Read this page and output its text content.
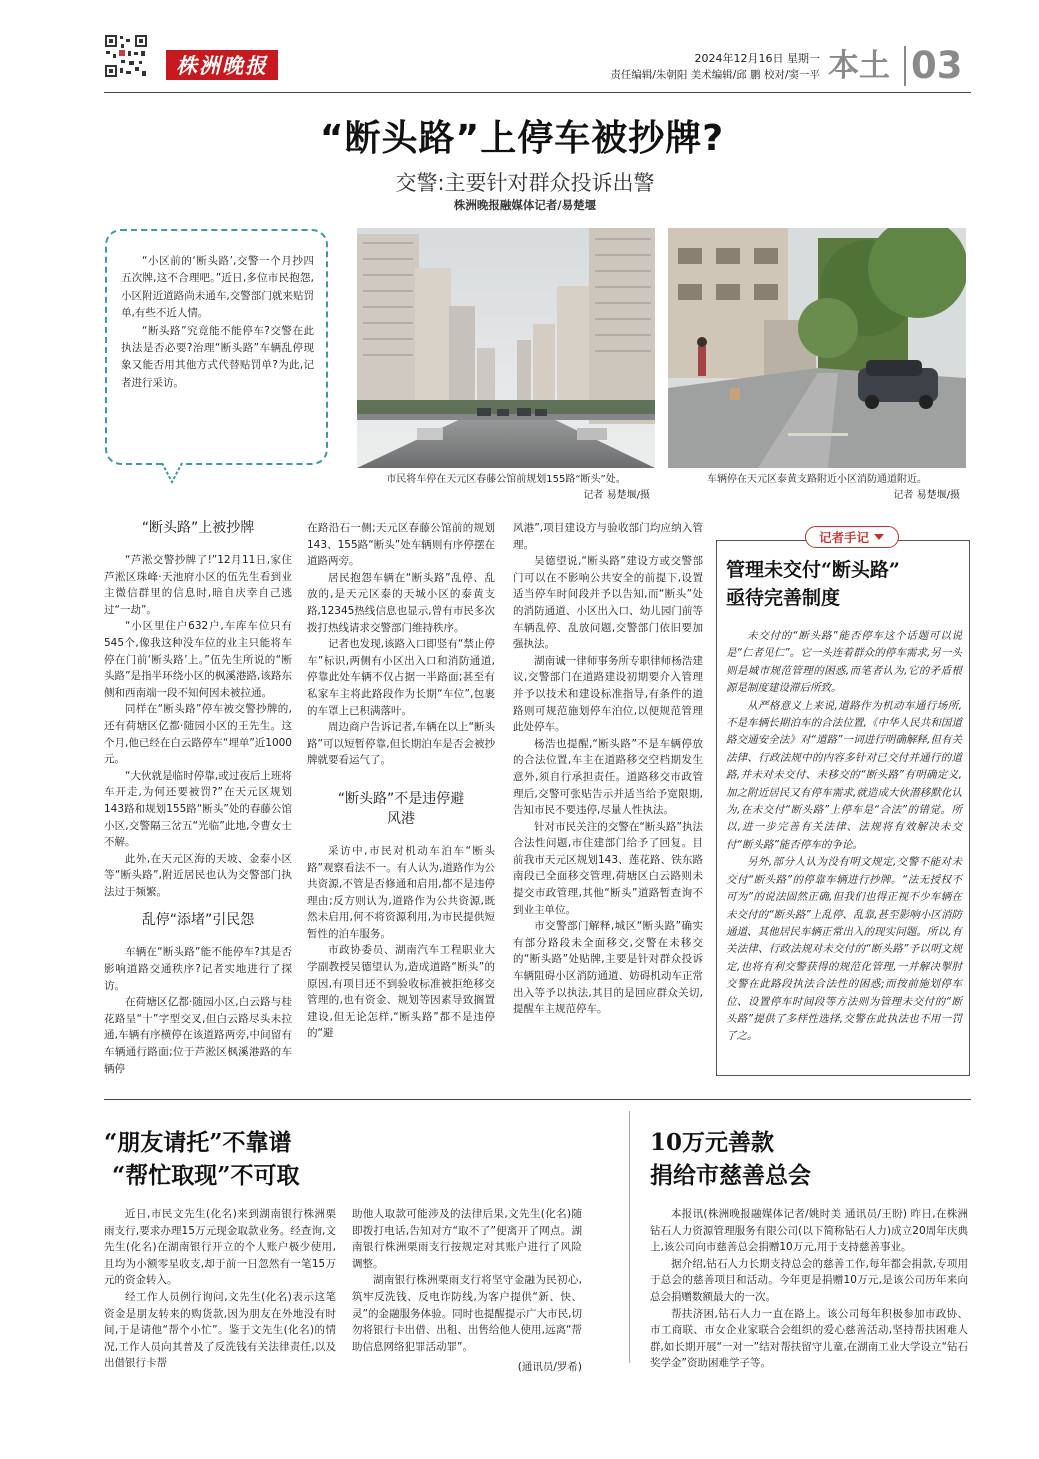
株洲晚报	2024年12月16日 星期一
责任编辑/朱朝阳 美术编辑/邱 鹏 校对/窦一平 本土 03
“断头路”上停车被抄牌?
交警:主要针对群众投诉出警
株洲晚报融媒体记者/易楚堰

“小区前的‘断头路’,交警一个月抄四五次牌,这不合理吧。”近日,多位市民抱怨,小区附近道路尚未通车,交警部门就来贴罚单,有些不近人情。

“断头路”究竟能不能停车?交警在此执法是否必要?治理“断头路”车辆乱停现象又能否用其他方式代替贴罚单?为此,记者进行采访。

市民将车停在天元区春藤公馆前规划155路“断头”处。
记者 易楚堰/摄
车辆停在天元区泰黄支路附近小区消防通道附近。
记者 易楚堰/摄
“断头路”上被抄牌

“芦淞交警抄牌了!”12月11日,家住芦淞区珠峰·天池府小区的伍先生看到业主微信群里的信息时,暗自庆幸自己逃过“一劫”。

“小区里住户632户,车库车位只有545个,像我这种没车位的业主只能将车停在门前‘断头路’上。”伍先生所说的“断头路”是指半环绕小区的枫溪港路,该路东侧和西南端一段不知何因未被拉通。

同样在“断头路”停车被交警抄牌的,还有荷塘区亿都·随园小区的王先生。这个月,他已经在白云路停车“埋单”近1000元。

“大伙就是临时停靠,或过夜后上班将车开走,为何还要被罚?”在天元区规划143路和规划155路“断头”处的春藤公馆小区,交警隔三岔五“光临”此地,令曹女士不解。

此外,在天元区海的天坡、金泰小区等“断头路”,附近居民也认为交警部门执法过于频繁。

乱停“添堵”引民怨

车辆在“断头路”能不能停车?其是否影响道路交通秩序?记者实地进行了探访。

在荷塘区亿都·随园小区,白云路与桂花路呈“十”字型交叉,但白云路尽头未拉通,车辆有序横停在该道路两旁,中间留有车辆通行路面;位于芦淞区枫溪港路的车辆停

在路沿石一侧;天元区春藤公馆前的规划143、155路“断头”处车辆则有序停摆在道路两旁。

居民抱怨车辆在“断头路”乱停、乱放的,是天元区泰的天城小区的泰黄支路,12345热线信息也显示,曾有市民多次拨打热线请求交警部门维持秩序。

记者也发现,该路入口即竖有“禁止停车”标识,两侧有小区出入口和消防通道,停靠此处车辆不仅占据一半路面;甚至有私家车主将此路段作为长期“车位”,包裹的车罩上已积满落叶。

周边商户告诉记者,车辆在以上“断头路”可以短暂停靠,但长期泊车是否会被抄牌就要看运气了。

“断头路”不是违停避风港

采访中,市民对机动车泊车“断头路”观察看法不一。有人认为,道路作为公共资源,不管是否修通和启用,都不是违停理由;反方则认为,道路作为公共资源,既然未启用,何不将资源利用,为市民提供短暂性的泊车服务。

市政协委员、湖南汽车工程职业大学副教授吴德望认为,造成道路“断头”的原因,有项目还不到验收标准被拒绝移交管理的,也有资金、规划等因素导致搁置建设,但无论怎样,“断头路”都不是违停的“避

风港”,项目建设方与验收部门均应纳入管理。

吴德望说,“断头路”建设方或交警部门可以在不影响公共安全的前提下,设置适当停车时间段并予以告知,而“断头”处的消防通道、小区出入口、幼儿园门前等车辆乱停、乱放问题,交警部门依旧要加强执法。

湖南诚一律师事务所专职律师杨浩建议,交警部门在道路建设初期要介入管理并予以技术和建设标准指导,有条件的道路则可规范施划停车泊位,以便规范管理此处停车。

杨浩也提醒,“断头路”不是车辆停放的合法位置,车主在道路移交空档期发生意外,须自行承担责任。道路移交市政管理后,交警可张贴告示并适当给予宽限期,告知市民不要违停,尽量人性执法。

针对市民关注的交警在“断头路”执法合法性问题,市住建部门给予了回复。目前我市天元区规划143、莲花路、铁东路南段已全面移交管理,荷塘区白云路则未提交市政管理,其他“断头”道路暂查询不到业主单位。

市交警部门解释,城区“断头路”确实有部分路段未全面移交,交警在未移交的“断头路”处贴牌,主要是针对群众投诉车辆阻碍小区消防通道、妨碍机动车正常出入等予以执法,其目的是回应群众关切,提醒车主规范停车。

记者手记
管理未交付“断头路”
亟待完善制度

未交付的“断头路”能否停车这个话题可以说是“仁者见仁”。它一头连着群众的停车需求,另一头则是城市规范管理的困惑,而笔者认为,它的矛盾根源是制度建设滞后所致。

从严格意义上来说,道路作为机动车通行场所,不是车辆长期泊车的合法位置,《中华人民共和国道路交通安全法》对“道路”一词进行明确解释,但有关法律、行政法规中的内容多针对已交付并通行的道路,并未对未交付、未移交的“断头路”有明确定义,加之附近居民又有停车需求,就造成大伙潜移默化认为,在未交付“断头路”上停车是“合法”的错觉。所以,进一步完善有关法律、法规将有效解决未交付“断头路”能否停车的争论。

另外,部分人认为没有明文规定,交警不能对未交付“断头路”的停靠车辆进行抄牌。“法无授权不可为”的说法固然正确,但我们也得正视不少车辆在未交付的“断头路”上乱停、乱靠,甚至影响小区消防通道、其他居民车辆正常出入的现实问题。所以,有关法律、行政法规对未交付的“断头路”予以明文规定,也将有利交警获得的规范化管理,一并解决掣肘交警在此路段执法合法性的困惑;而按前施划停车位、设置停车时间段等方法则为管理未交付的“断头路”提供了多样性选择,交警在此执法也不用一罚了之。

“朋友请托”不靠谱
“帮忙取现”不可取

近日,市民文先生(化名)来到湖南银行株洲栗雨支行,要求办理15万元现金取款业务。经查询,文先生(化名)在湖南银行开立的个人账户极少使用,且均为小额零星收支,却于前一日忽然有一笔15万元的资金转入。

经工作人员例行询问,文先生(化名)表示这笔资金是朋友转来的购货款,因为朋友在外地没有时间,于是请他“帮个小忙”。鉴于文先生(化名)的情况,工作人员向其普及了反洗钱有关法律责任,以及出借银行卡帮

助他人取款可能涉及的法律后果,文先生(化名)随即拨打电话,告知对方“取不了”便离开了网点。湖南银行株洲栗雨支行按规定对其账户进行了风险调整。

湖南银行株洲栗雨支行将坚守金融为民初心,筑牢反洗钱、反电诈防线,为客户提供“新、快、灵”的金融服务体验。同时也提醒提示广大市民,切勿将银行卡出借、出租、出售给他人使用,远离“帮助信息网络犯罪活动罪”。

(通讯员/罗希)

10万元善款
捐给市慈善总会

本报讯(株洲晚报融媒体记者/姚时美 通讯员/王盼) 昨日,在株洲钻石人力资源管理服务有限公司(以下简称钻石人力)成立20周年庆典上,该公司向市慈善总会捐赠10万元,用于支持慈善事业。

据介绍,钻石人力长期支持总会的慈善工作,每年都会捐款,专项用于总会的慈善项目和活动。今年更是捐赠10万元,是该公司历年来向总会捐赠数额最大的一次。

帮扶济困,钻石人力一直在路上。该公司每年积极参加市政协、市工商联、市女企业家联合会组织的爱心慈善活动,坚持帮扶困难人群,如长期开展“一对一”结对帮扶留守儿童,在湖南工业大学设立“钻石奖学金”资助困难学子等。
